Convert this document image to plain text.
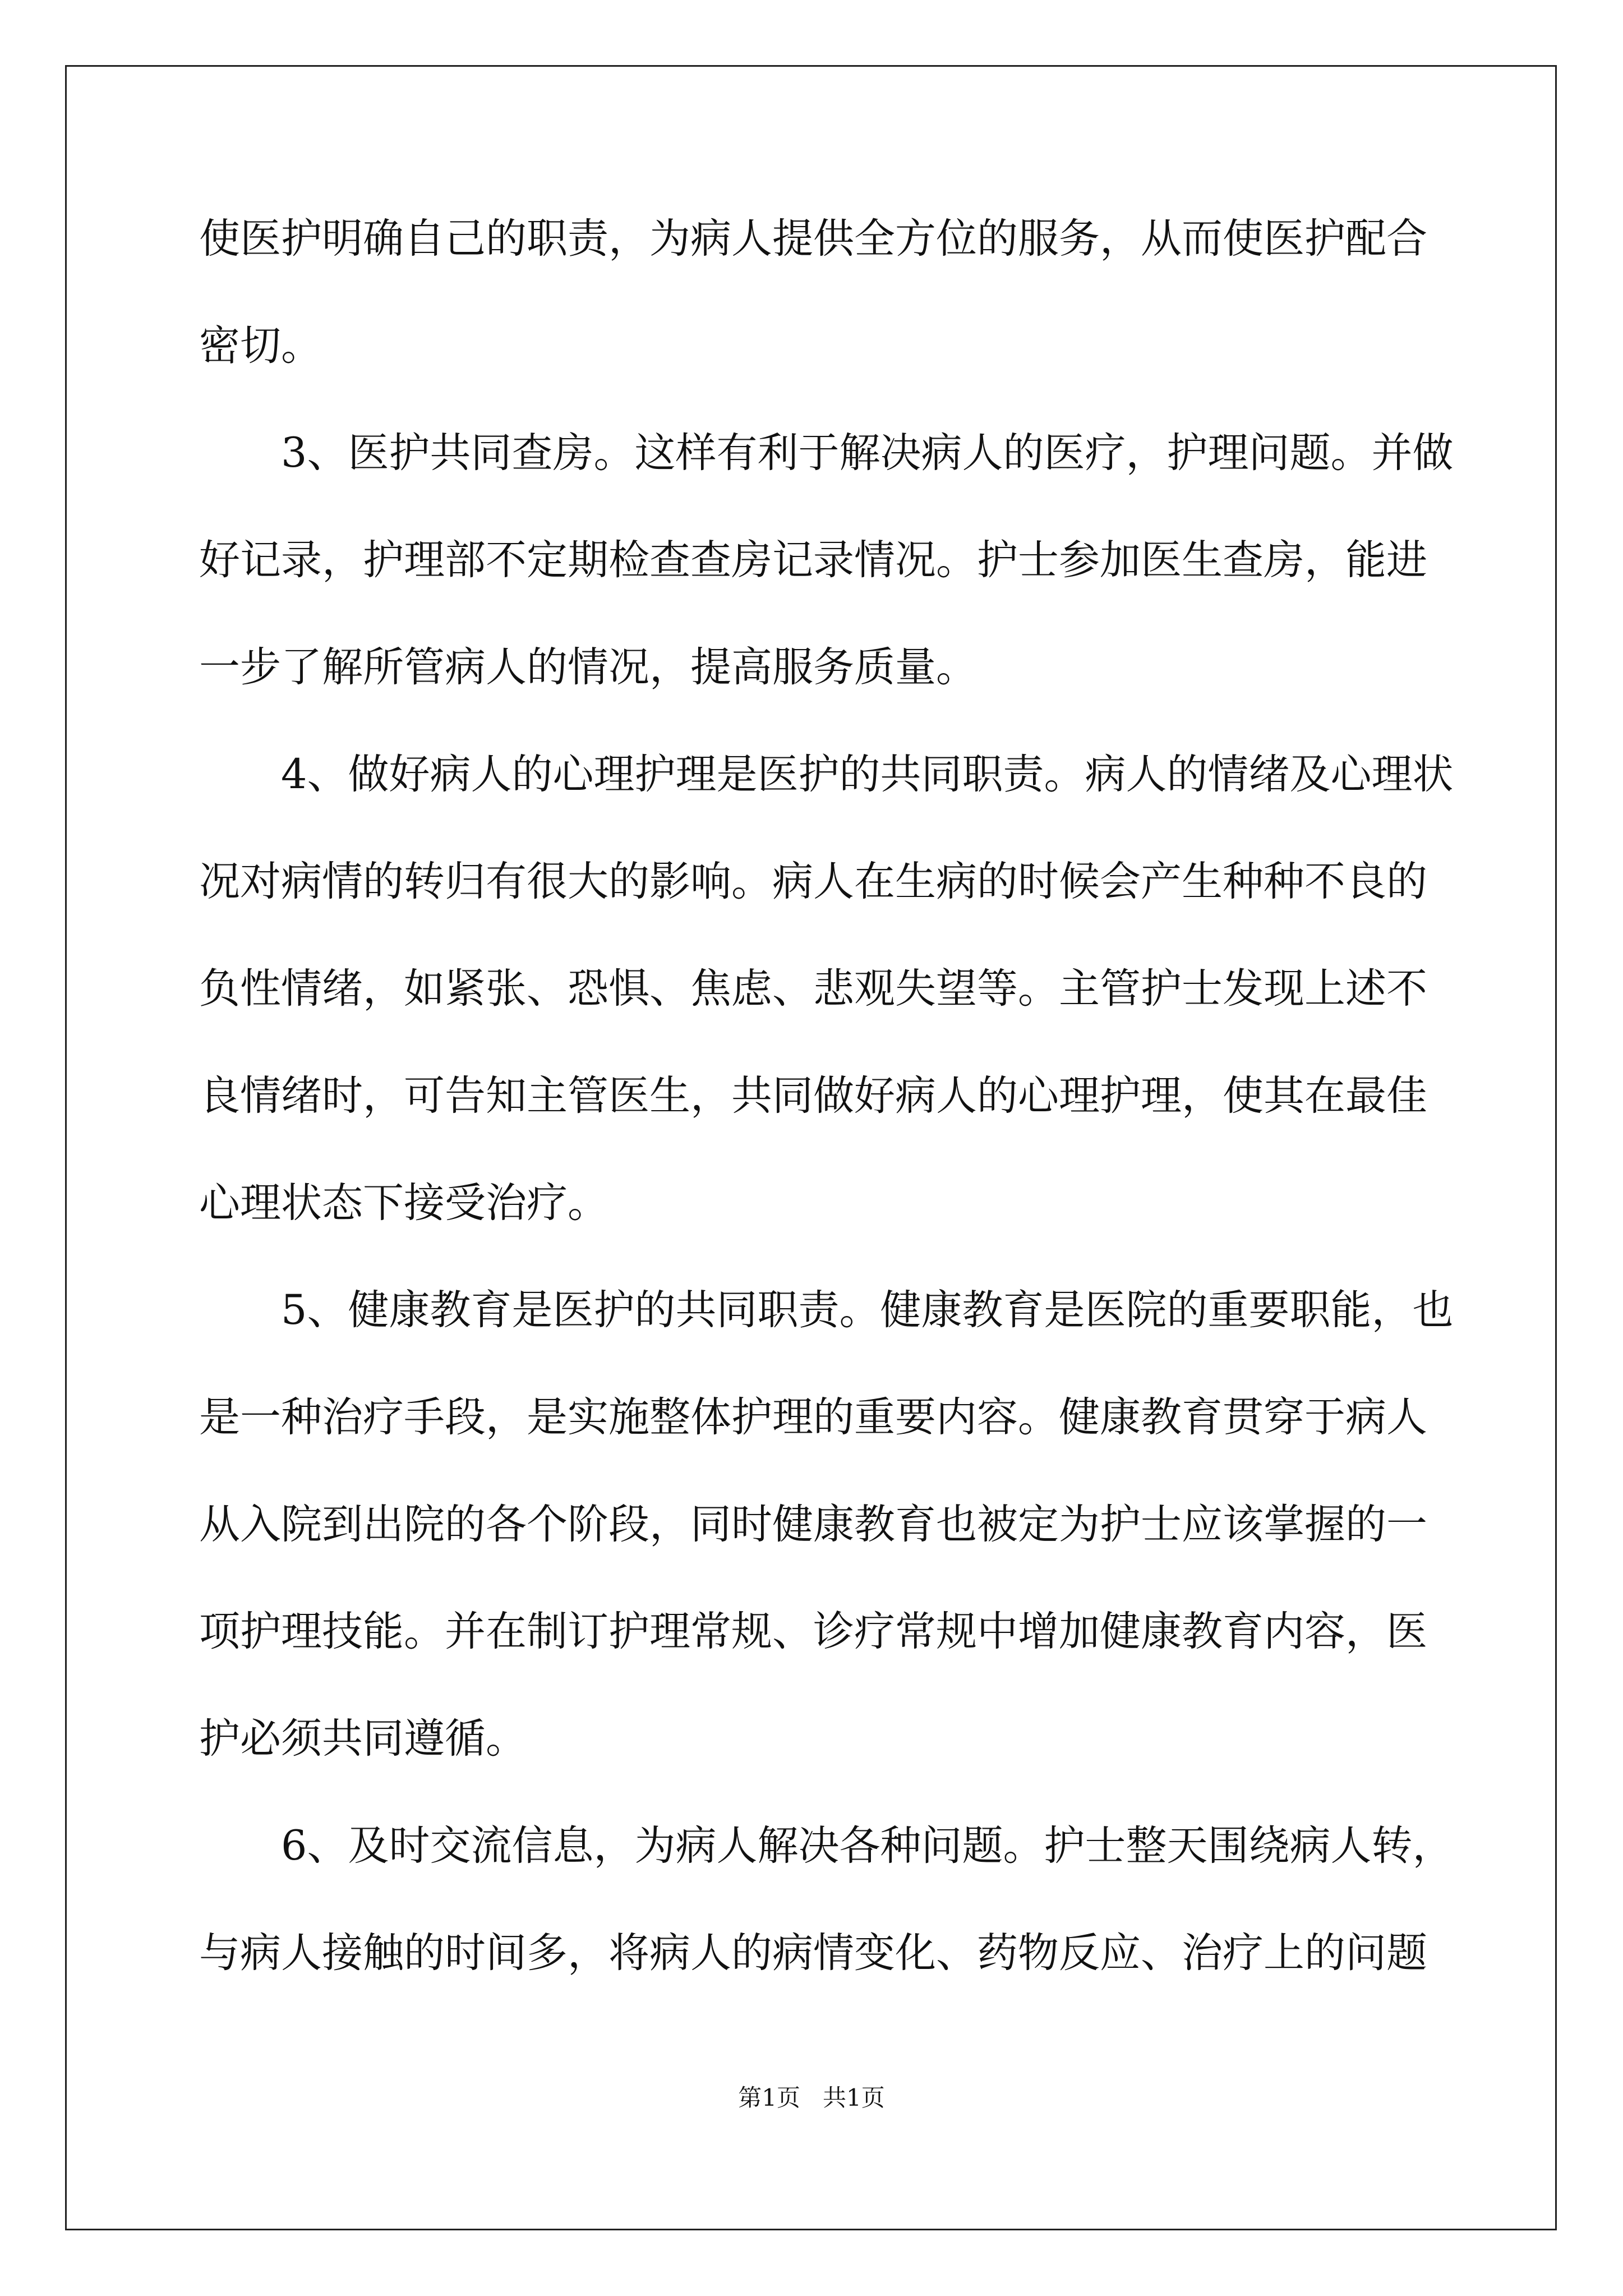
使医护明确自己的职责，为病人提供全方位的服务，从而使医护配合
密切。
3、医护共同查房。这样有利于解决病人的医疗，护理问题。并做
好记录，护理部不定期检查查房记录情况。护士参加医生查房，能进
一步了解所管病人的情况，提高服务质量。
4、做好病人的心理护理是医护的共同职责。病人的情绪及心理状
况对病情的转归有很大的影响。病人在生病的时候会产生种种不良的
负性情绪，如紧张、恐惧、焦虑、悲观失望等。主管护士发现上述不
良情绪时，可告知主管医生，共同做好病人的心理护理，使其在最佳
心理状态下接受治疗。
5、健康教育是医护的共同职责。健康教育是医院的重要职能，也
是一种治疗手段，是实施整体护理的重要内容。健康教育贯穿于病人
从入院到出院的各个阶段，同时健康教育也被定为护士应该掌握的一
项护理技能。并在制订护理常规、诊疗常规中增加健康教育内容，医
护必须共同遵循。
6、及时交流信息，为病人解决各种问题。护士整天围绕病人转，
与病人接触的时间多，将病人的病情变化、药物反应、治疗上的问题
第1页   共1页
